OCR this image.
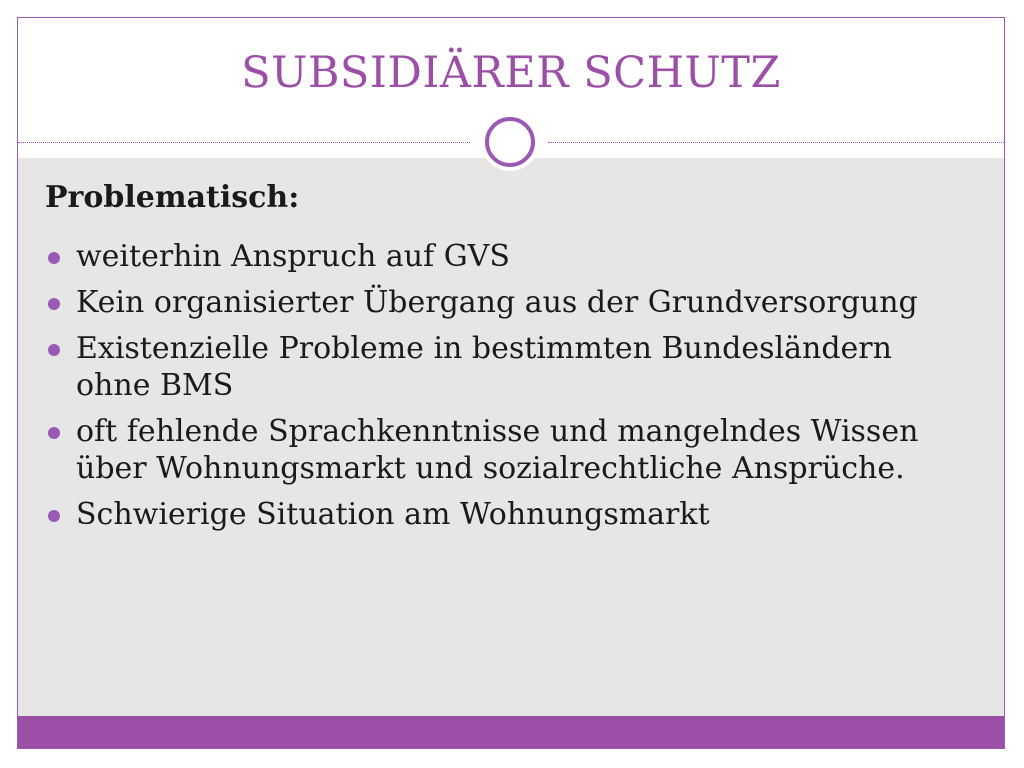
SUBSIDIÄRER SCHUTZ
Problematisch:
weiterhin Anspruch auf GVS
Kein organisierter Übergang aus der Grundversorgung
Existenzielle Probleme in bestimmten Bundesländern ohne BMS
oft fehlende Sprachkenntnisse und mangelndes Wissen über Wohnungsmarkt und sozialrechtliche Ansprüche.
Schwierige Situation am Wohnungsmarkt
